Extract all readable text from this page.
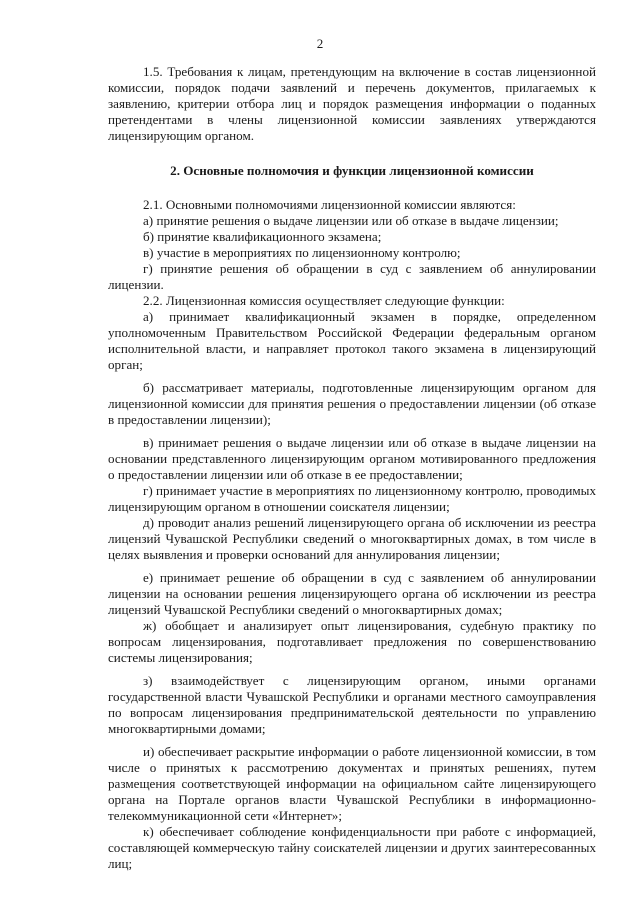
2

1.5. Требования к лицам, претендующим на включение в состав лицензионной комиссии, порядок подачи заявлений и перечень документов, прилагаемых к заявлению, критерии отбора лиц и порядок размещения информации о поданных претендентами в члены лицензионной комиссии заявлениях утверждаются лицензирующим органом.

2. Основные полномочия и функции лицензионной комиссии

2.1. Основными полномочиями лицензионной комиссии являются:

а) принятие решения о выдаче лицензии или об отказе в выдаче лицензии;

б) принятие квалификационного экзамена;

в) участие в мероприятиях по лицензионному контролю;

г) принятие решения об обращении в суд с заявлением об аннулировании лицензии.

2.2. Лицензионная комиссия осуществляет следующие функции:

а) принимает квалификационный экзамен в порядке, определенном уполномоченным Правительством Российской Федерации федеральным органом исполнительной власти, и направляет протокол такого экзамена в лицензирующий орган;

б) рассматривает материалы, подготовленные лицензирующим органом для лицензионной комиссии для принятия решения о предоставлении лицензии (об отказе в предоставлении лицензии);

в) принимает решения о выдаче лицензии или об отказе в выдаче лицензии на основании представленного лицензирующим органом мотивированного предложения о предоставлении лицензии или об отказе в ее предоставлении;

г) принимает участие в мероприятиях по лицензионному контролю, проводимых лицензирующим органом в отношении соискателя лицензии;

д) проводит анализ решений лицензирующего органа об исключении из реестра лицензий Чувашской Республики сведений о многоквартирных домах, в том числе в целях выявления и проверки оснований для аннулирования лицензии;

е) принимает решение об обращении в суд с заявлением об аннулировании лицензии на основании решения лицензирующего органа об исключении из реестра лицензий Чувашской Республики сведений о многоквартирных домах;

ж) обобщает и анализирует опыт лицензирования, судебную практику по вопросам лицензирования, подготавливает предложения по совершенствованию системы лицензирования;

з) взаимодействует с лицензирующим органом, иными органами государственной власти Чувашской Республики и органами местного самоуправления по вопросам лицензирования предпринимательской деятельности по управлению многоквартирными домами;

и) обеспечивает раскрытие информации о работе лицензионной комиссии, в том числе о принятых к рассмотрению документах и принятых решениях, путем размещения соответствующей информации на официальном сайте лицензирующего органа на Портале органов власти Чувашской Республики в информационно-телекоммуникационной сети «Интернет»;

к) обеспечивает соблюдение конфиденциальности при работе с информацией, составляющей коммерческую тайну соискателей лицензии и других заинтересованных лиц;
